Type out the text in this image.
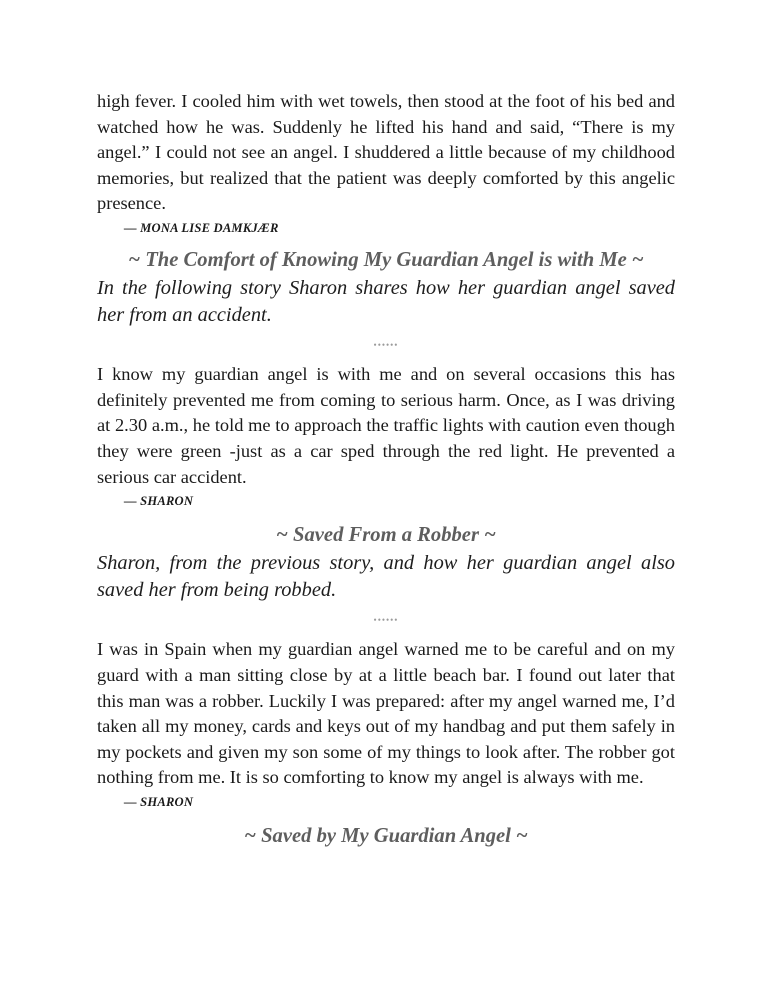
high fever. I cooled him with wet towels, then stood at the foot of his bed and watched how he was. Suddenly he lifted his hand and said, “There is my angel.” I could not see an angel. I shuddered a little because of my childhood memories, but realized that the patient was deeply comforted by this angelic presence.

— MONA LISE DAMKJÆR
~ The Comfort of Knowing My Guardian Angel is with Me ~

In the following story Sharon shares how her guardian angel saved her from an accident.

••••••

I know my guardian angel is with me and on several occasions this has definitely prevented me from coming to serious harm. Once, as I was driving at 2.30 a.m., he told me to approach the traffic lights with caution even though they were green -just as a car sped through the red light. He prevented a serious car accident.

— SHARON
~ Saved From a Robber ~

Sharon, from the previous story, and how her guardian angel also saved her from being robbed.

••••••

I was in Spain when my guardian angel warned me to be careful and on my guard with a man sitting close by at a little beach bar. I found out later that this man was a robber. Luckily I was prepared: after my angel warned me, I’d taken all my money, cards and keys out of my handbag and put them safely in my pockets and given my son some of my things to look after. The robber got nothing from me. It is so comforting to know my angel is always with me.

— SHARON
~ Saved by My Guardian Angel ~
